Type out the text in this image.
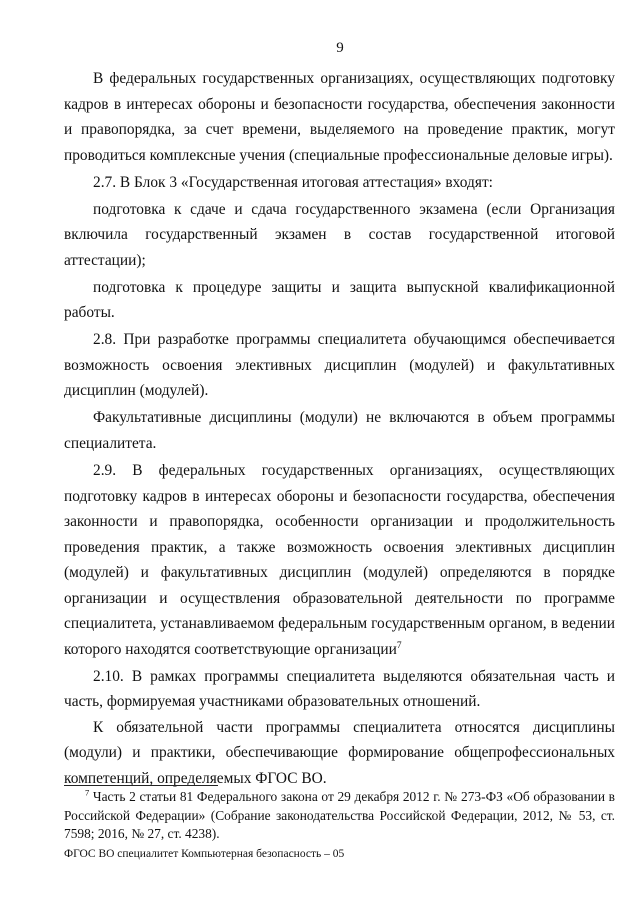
9

В федеральных государственных организациях, осуществляющих подготовку кадров в интересах обороны и безопасности государства, обеспечения законности и правопорядка, за счет времени, выделяемого на проведение практик, могут проводиться комплексные учения (специальные профессиональные деловые игры).

2.7. В Блок 3 «Государственная итоговая аттестация» входят:

подготовка к сдаче и сдача государственного экзамена (если Организация включила государственный экзамен в состав государственной итоговой аттестации);

подготовка к процедуре защиты и защита выпускной квалификационной работы.

2.8. При разработке программы специалитета обучающимся обеспечивается возможность освоения элективных дисциплин (модулей) и факультативных дисциплин (модулей).

Факультативные дисциплины (модули) не включаются в объем программы специалитета.

2.9. В федеральных государственных организациях, осуществляющих подготовку кадров в интересах обороны и безопасности государства, обеспечения законности и правопорядка, особенности организации и продолжительность проведения практик, а также возможность освоения элективных дисциплин (модулей) и факультативных дисциплин (модулей) определяются в порядке организации и осуществления образовательной деятельности по программе специалитета, устанавливаемом федеральным государственным органом, в ведении которого находятся соответствующие организации$^7$

2.10. В рамках программы специалитета выделяются обязательная часть и часть, формируемая участниками образовательных отношений.

К обязательной части программы специалитета относятся дисциплины (модули) и практики, обеспечивающие формирование общепрофессиональных компетенций, определяемых ФГОС ВО.

$^7$ Часть 2 статьи 81 Федерального закона от 29 декабря 2012 г. № 273-ФЗ «Об образовании в Российской Федерации» (Собрание законодательства Российской Федерации, 2012, № 53, ст. 7598; 2016, № 27, ст. 4238).
ФГОС ВО специалитет Компьютерная безопасность – 05
